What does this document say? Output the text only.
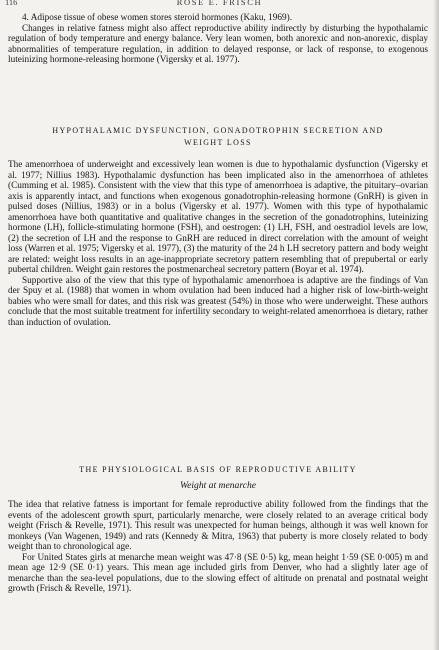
116	ROSE E. FRISCH

4. Adipose tissue of obese women stores steroid hormones (Kaku, 1969).

Changes in relative fatness might also affect reproductive ability indirectly by disturbing the hypothalamic regulation of body temperature and energy balance. Very lean women, both anorexic and non-anorexic, display abnormalities of temperature regulation, in addition to delayed response, or lack of response, to exogenous luteinizing hormone-releasing hormone (Vigersky et al. 1977).

HYPOTHALAMIC DYSFUNCTION, GONADOTROPHIN SECRETION AND
WEIGHT LOSS

The amenorrhoea of underweight and excessively lean women is due to hypothalamic dysfunction (Vigersky et al. 1977; Nillius 1983). Hypothalamic dysfunction has been implicated also in the amenorrhoea of athletes (Cumming et al. 1985). Consistent with the view that this type of amenorrhoea is adaptive, the pituitary–ovarian axis is apparently intact, and functions when exogenous gonadotrophin-releasing hormone (GnRH) is given in pulsed doses (Nillius, 1983) or in a bolus (Vigersky et al. 1977). Women with this type of hypothalamic amenorrhoea have both quantitative and qualitative changes in the secretion of the gonadotrophins, luteinizing hormone (LH), follicle-stimulating hormone (FSH), and oestrogen: (1) LH, FSH, and oestradiol levels are low, (2) the secretion of LH and the response to GnRH are reduced in direct correlation with the amount of weight loss (Warren et al. 1975; Vigersky et al. 1977), (3) the maturity of the 24 h LH secretory pattern and body weight are related: weight loss results in an age-inappropriate secretory pattern resembling that of prepubertal or early pubertal children. Weight gain restores the postmenarcheal secretory pattern (Boyar et al. 1974).

Supportive also of the view that this type of hypothalamic amenorrhoea is adaptive are the findings of Van der Spuy et al. (1988) that women in whom ovulation had been induced had a higher risk of low-birth-weight babies who were small for dates, and this risk was greatest (54%) in those who were underweight. These authors conclude that the most suitable treatment for infertility secondary to weight-related amenorrhoea is dietary, rather than induction of ovulation.

THE PHYSIOLOGICAL BASIS OF REPRODUCTIVE ABILITY
Weight at menarche

The idea that relative fatness is important for female reproductive ability followed from the findings that the events of the adolescent growth spurt, particularly menarche, were closely related to an average critical body weight (Frisch & Revelle, 1971). This result was unexpected for human beings, although it was well known for monkeys (Van Wagenen, 1949) and rats (Kennedy & Mitra, 1963) that puberty is more closely related to body weight than to chronological age.

For United States girls at menarche mean weight was 47·8 (SE 0·5) kg, mean height 1·59 (SE 0·005) m and mean age 12·9 (SE 0·1) years. This mean age included girls from Denver, who had a slightly later age of menarche than the sea-level populations, due to the slowing effect of altitude on prenatal and postnatal weight growth (Frisch & Revelle, 1971).
